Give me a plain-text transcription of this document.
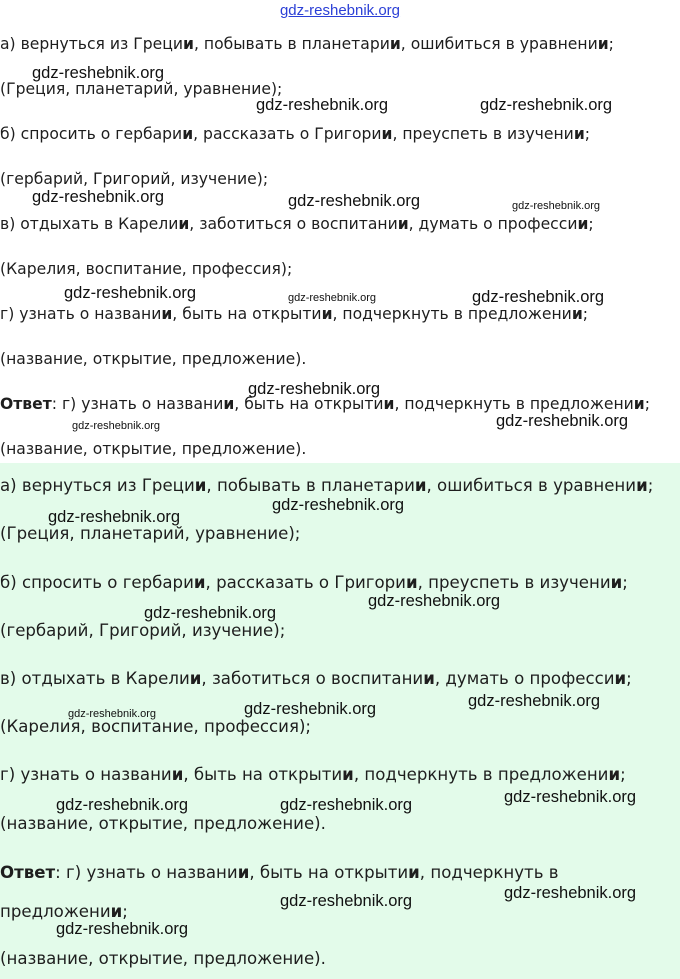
gdz-reshebnik.org

а) вернуться из Греции, побывать в планетарии, ошибиться в уравнении;

(Греция, планетарий, уравнение);

б) спросить о гербарии, рассказать о Григории, преуспеть в изучении;

(гербарий, Григорий, изучение);

в) отдыхать в Карелии, заботиться о воспитании, думать о профессии;

(Карелия, воспитание, профессия);

г) узнать о названии, быть на открытии, подчеркнуть в предложении;

(название, открытие, предложение).

Ответ: г) узнать о названии, быть на открытии, подчеркнуть в предложении;

(название, открытие, предложение).

а) вернуться из Греции, побывать в планетарии, ошибиться в уравнении;

(Греция, планетарий, уравнение);

б) спросить о гербарии, рассказать о Григории, преуспеть в изучении;

(гербарий, Григорий, изучение);

в) отдыхать в Карелии, заботиться о воспитании, думать о профессии;

(Карелия, воспитание, профессия);

г) узнать о названии, быть на открытии, подчеркнуть в предложении;

(название, открытие, предложение).

Ответ: г) узнать о названии, быть на открытии, подчеркнуть в

предложении;

(название, открытие, предложение).

gdz-reshebnik.org
gdz-reshebnik.org	gdz-reshebnik.org
gdz-reshebnik.org	gdz-reshebnik.org	gdz-reshebnik.org
gdz-reshebnik.org	gdz-reshebnik.org	gdz-reshebnik.org
gdz-reshebnik.org
gdz-reshebnik.org	gdz-reshebnik.org
gdz-reshebnik.org
gdz-reshebnik.org
gdz-reshebnik.org
gdz-reshebnik.org
gdz-reshebnik.org
gdz-reshebnik.org	gdz-reshebnik.org
gdz-reshebnik.org
gdz-reshebnik.org	gdz-reshebnik.org
gdz-reshebnik.org
gdz-reshebnik.org
gdz-reshebnik.org
